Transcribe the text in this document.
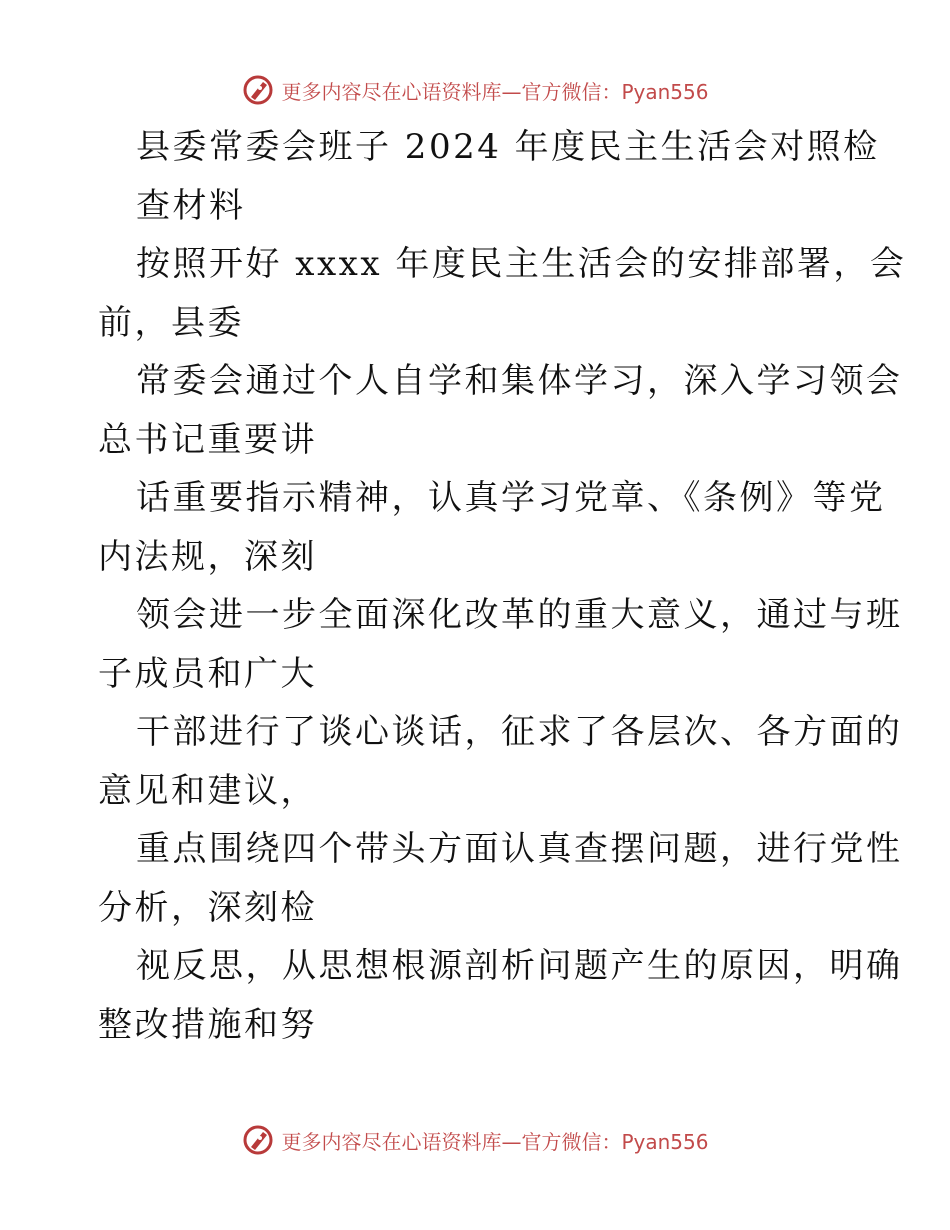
更多内容尽在心语资料库—官方微信：Pyan556
县委常委会班子 2024 年度民主生活会对照检
查材料
按照开好 xxxx 年度民主生活会的安排部署，会
前，县委
常委会通过个人自学和集体学习，深入学习领会
总书记重要讲
话重要指示精神，认真学习党章、《条例》等党
内法规，深刻
领会进一步全面深化改革的重大意义，通过与班
子成员和广大
干部进行了谈心谈话，征求了各层次、各方面的
意见和建议，
重点围绕四个带头方面认真查摆问题，进行党性
分析，深刻检
视反思，从思想根源剖析问题产生的原因，明确
整改措施和努
更多内容尽在心语资料库—官方微信：Pyan556
